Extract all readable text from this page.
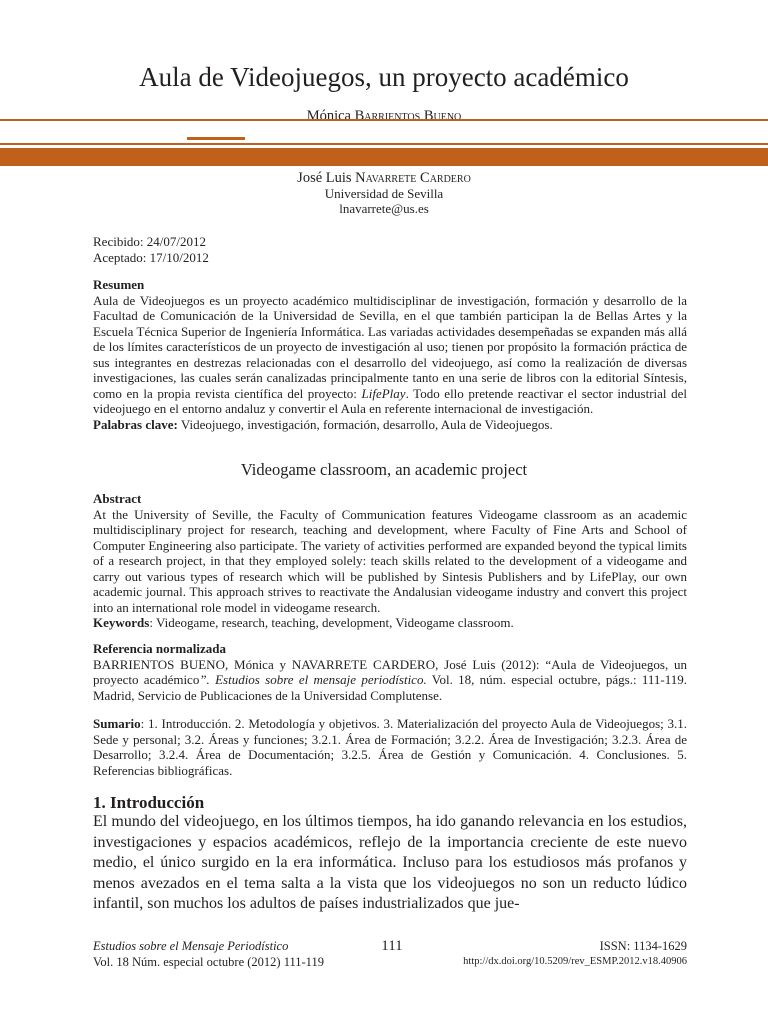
Aula de Videojuegos, un proyecto académico
Mónica Barrientos Bueno
José Luis Navarrete Cardero
Universidad de Sevilla
lnavarrete@us.es
Recibido: 24/07/2012
Aceptado: 17/10/2012
Resumen
Aula de Videojuegos es un proyecto académico multidisciplinar de investigación, formación y desarrollo de la Facultad de Comunicación de la Universidad de Sevilla, en el que también participan la de Bellas Artes y la Escuela Técnica Superior de Ingeniería Informática. Las variadas actividades desempeñadas se expanden más allá de los límites característicos de un proyecto de investigación al uso; tienen por propósito la formación práctica de sus integrantes en destrezas relacionadas con el desarrollo del videojuego, así como la realización de diversas investigaciones, las cuales serán canalizadas principalmente tanto en una serie de libros con la editorial Síntesis, como en la propia revista científica del proyecto: LifePlay. Todo ello pretende reactivar el sector industrial del videojuego en el entorno andaluz y convertir el Aula en referente internacional de investigación.
Palabras clave: Videojuego, investigación, formación, desarrollo, Aula de Videojuegos.
Videogame classroom, an academic project
Abstract
At the University of Seville, the Faculty of Communication features Videogame classroom as an academic multidisciplinary project for research, teaching and development, where Faculty of Fine Arts and School of Computer Engineering also participate. The variety of activities performed are expanded beyond the typical limits of a research project, in that they employed solely: teach skills related to the development of a videogame and carry out various types of research which will be published by Sintesis Publishers and by LifePlay, our own academic journal. This approach strives to reactivate the Andalusian videogame industry and convert this project into an international role model in videogame research.
Keywords: Videogame, research, teaching, development, Videogame classroom.
Referencia normalizada
BARRIENTOS BUENO, Mónica y NAVARRETE CARDERO, José Luis (2012): “Aula de Videojuegos, un proyecto académico”. Estudios sobre el mensaje periodístico. Vol. 18, núm. especial octubre, págs.: 111-119. Madrid, Servicio de Publicaciones de la Universidad Complutense.
Sumario: 1. Introducción. 2. Metodología y objetivos. 3. Materialización del proyecto Aula de Videojuegos; 3.1. Sede y personal; 3.2. Áreas y funciones; 3.2.1. Área de Formación; 3.2.2. Área de Investigación; 3.2.3. Área de Desarrollo; 3.2.4. Área de Documentación; 3.2.5. Área de Gestión y Comunicación. 4. Conclusiones. 5. Referencias bibliográficas.
1. Introducción
El mundo del videojuego, en los últimos tiempos, ha ido ganando relevancia en los estudios, investigaciones y espacios académicos, reflejo de la importancia creciente de este nuevo medio, el único surgido en la era informática. Incluso para los estudiosos más profanos y menos avezados en el tema salta a la vista que los videojuegos no son un reducto lúdico infantil, son muchos los adultos de países industrializados que jue-
Estudios sobre el Mensaje Periodístico
Vol. 18 Núm. especial octubre (2012) 111-119
111	ISSN: 1134-1629
http://dx.doi.org/10.5209/rev_ESMP.2012.v18.40906
